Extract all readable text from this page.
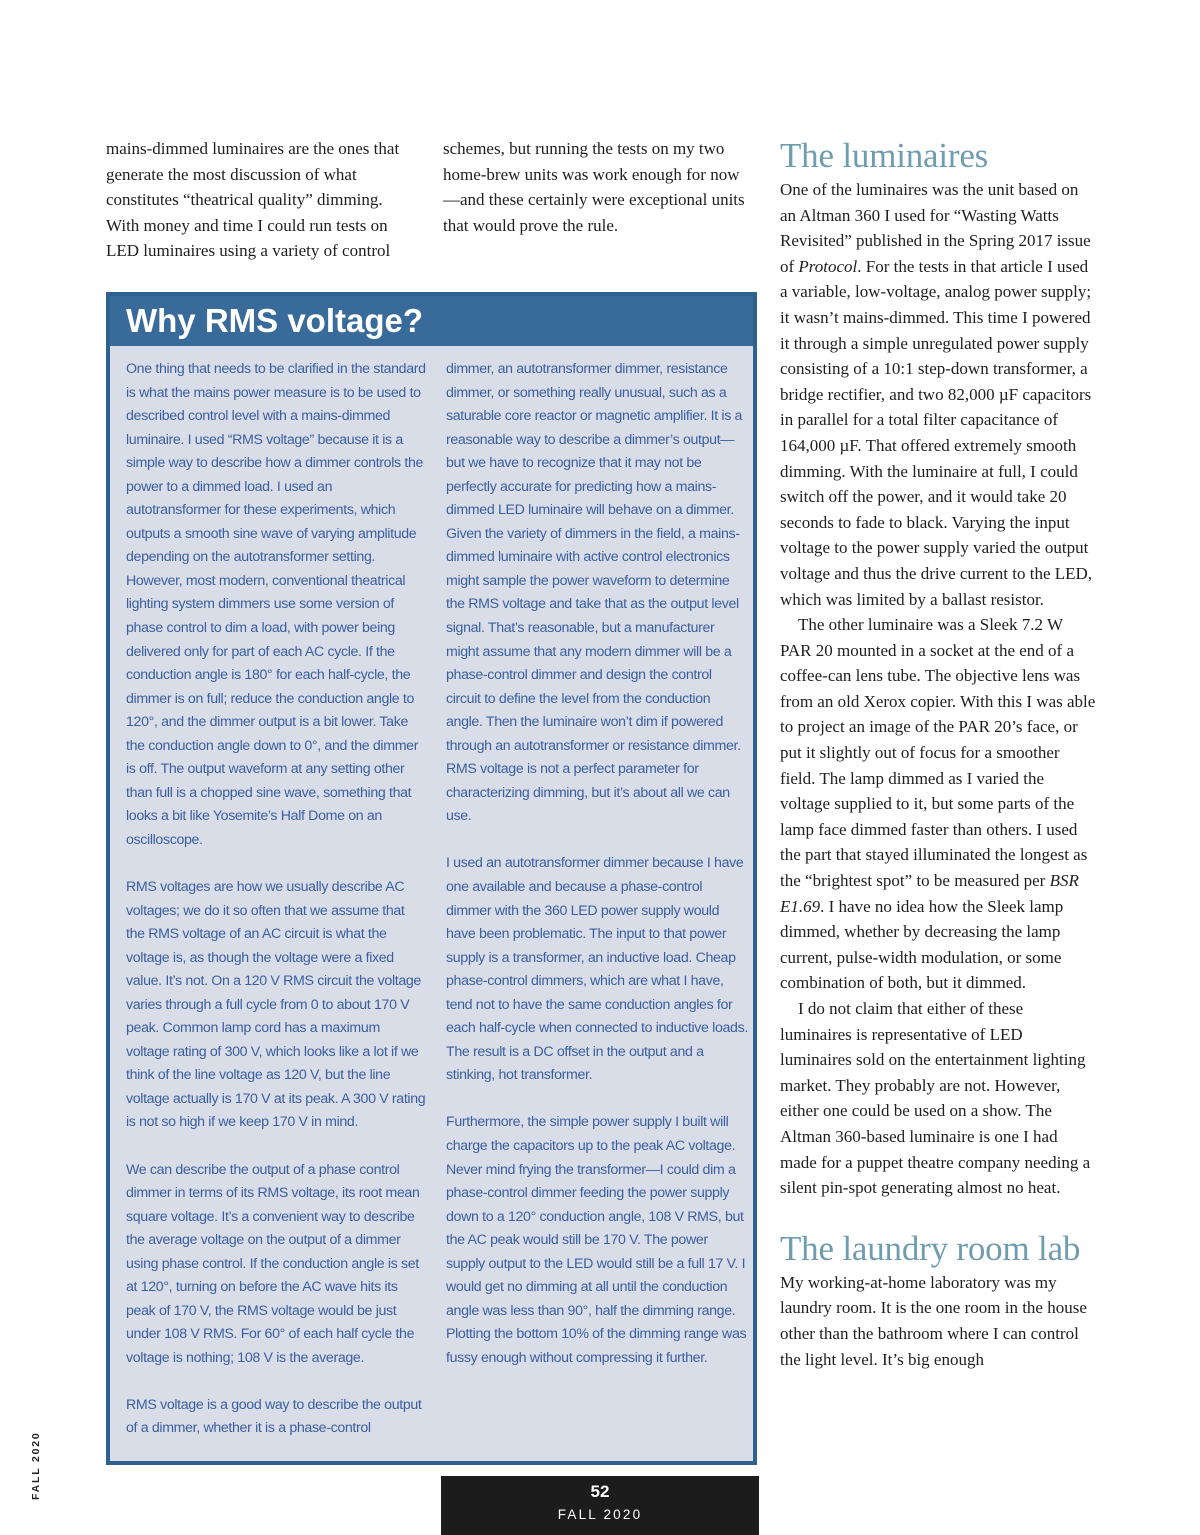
mains-dimmed luminaires are the ones that generate the most discussion of what constitutes “theatrical quality” dimming. With money and time I could run tests on LED luminaires using a variety of control

schemes, but running the tests on my two home-brew units was work enough for now—and these certainly were exceptional units that would prove the rule.

The luminaires

One of the luminaires was the unit based on an Altman 360 I used for “Wasting Watts Revisited” published in the Spring 2017 issue of Protocol. For the tests in that article I used a variable, low-voltage, analog power supply; it wasn’t mains-dimmed. This time I powered it through a simple unregulated power supply consisting of a 10:1 step-down transformer, a bridge rectifier, and two 82,000 µF capacitors in parallel for a total filter capacitance of 164,000 µF. That offered extremely smooth dimming. With the luminaire at full, I could switch off the power, and it would take 20 seconds to fade to black. Varying the input voltage to the power supply varied the output voltage and thus the drive current to the LED, which was limited by a ballast resistor.

The other luminaire was a Sleek 7.2 W PAR 20 mounted in a socket at the end of a coffee-can lens tube. The objective lens was from an old Xerox copier. With this I was able to project an image of the PAR 20’s face, or put it slightly out of focus for a smoother field. The lamp dimmed as I varied the voltage supplied to it, but some parts of the lamp face dimmed faster than others. I used the part that stayed illuminated the longest as the “brightest spot” to be measured per BSR E1.69. I have no idea how the Sleek lamp dimmed, whether by decreasing the lamp current, pulse-width modulation, or some combination of both, but it dimmed.

I do not claim that either of these luminaires is representative of LED luminaires sold on the entertainment lighting market. They probably are not. However, either one could be used on a show. The Altman 360-based luminaire is one I had made for a puppet theatre company needing a silent pin-spot generating almost no heat.

The laundry room lab

My working-at-home laboratory was my laundry room. It is the one room in the house other than the bathroom where I can control the light level. It’s big enough

Why RMS voltage?

One thing that needs to be clarified in the standard is what the mains power measure is to be used to described control level with a mains-dimmed luminaire. I used “RMS voltage” because it is a simple way to describe how a dimmer controls the power to a dimmed load. I used an autotransformer for these experiments, which outputs a smooth sine wave of varying amplitude depending on the autotransformer setting. However, most modern, conventional theatrical lighting system dimmers use some version of phase control to dim a load, with power being delivered only for part of each AC cycle. If the conduction angle is 180° for each half-cycle, the dimmer is on full; reduce the conduction angle to 120°, and the dimmer output is a bit lower. Take the conduction angle down to 0°, and the dimmer is off. The output waveform at any setting other than full is a chopped sine wave, something that looks a bit like Yosemite’s Half Dome on an oscilloscope.

RMS voltages are how we usually describe AC voltages; we do it so often that we assume that the RMS voltage of an AC circuit is what the voltage is, as though the voltage were a fixed value. It’s not. On a 120 V RMS circuit the voltage varies through a full cycle from 0 to about 170 V peak. Common lamp cord has a maximum voltage rating of 300 V, which looks like a lot if we think of the line voltage as 120 V, but the line voltage actually is 170 V at its peak. A 300 V rating is not so high if we keep 170 V in mind.

We can describe the output of a phase control dimmer in terms of its RMS voltage, its root mean square voltage. It’s a convenient way to describe the average voltage on the output of a dimmer using phase control. If the conduction angle is set at 120°, turning on before the AC wave hits its peak of 170 V, the RMS voltage would be just under 108 V RMS. For 60° of each half cycle the voltage is nothing; 108 V is the average.

RMS voltage is a good way to describe the output of a dimmer, whether it is a phase-control

dimmer, an autotransformer dimmer, resistance dimmer, or something really unusual, such as a saturable core reactor or magnetic amplifier. It is a reasonable way to describe a dimmer’s output—but we have to recognize that it may not be perfectly accurate for predicting how a mains-dimmed LED luminaire will behave on a dimmer. Given the variety of dimmers in the field, a mains-dimmed luminaire with active control electronics might sample the power waveform to determine the RMS voltage and take that as the output level signal. That’s reasonable, but a manufacturer might assume that any modern dimmer will be a phase-control dimmer and design the control circuit to define the level from the conduction angle. Then the luminaire won’t dim if powered through an autotransformer or resistance dimmer. RMS voltage is not a perfect parameter for characterizing dimming, but it’s about all we can use.

I used an autotransformer dimmer because I have one available and because a phase-control dimmer with the 360 LED power supply would have been problematic. The input to that power supply is a transformer, an inductive load. Cheap phase-control dimmers, which are what I have, tend not to have the same conduction angles for each half-cycle when connected to inductive loads. The result is a DC offset in the output and a stinking, hot transformer.

Furthermore, the simple power supply I built will charge the capacitors up to the peak AC voltage. Never mind frying the transformer—I could dim a phase-control dimmer feeding the power supply down to a 120° conduction angle, 108 V RMS, but the AC peak would still be 170 V. The power supply output to the LED would still be a full 17 V. I would get no dimming at all until the conduction angle was less than 90°, half the dimming range. Plotting the bottom 10% of the dimming range was fussy enough without compressing it further.

FALL 2020	52
FALL 2020
